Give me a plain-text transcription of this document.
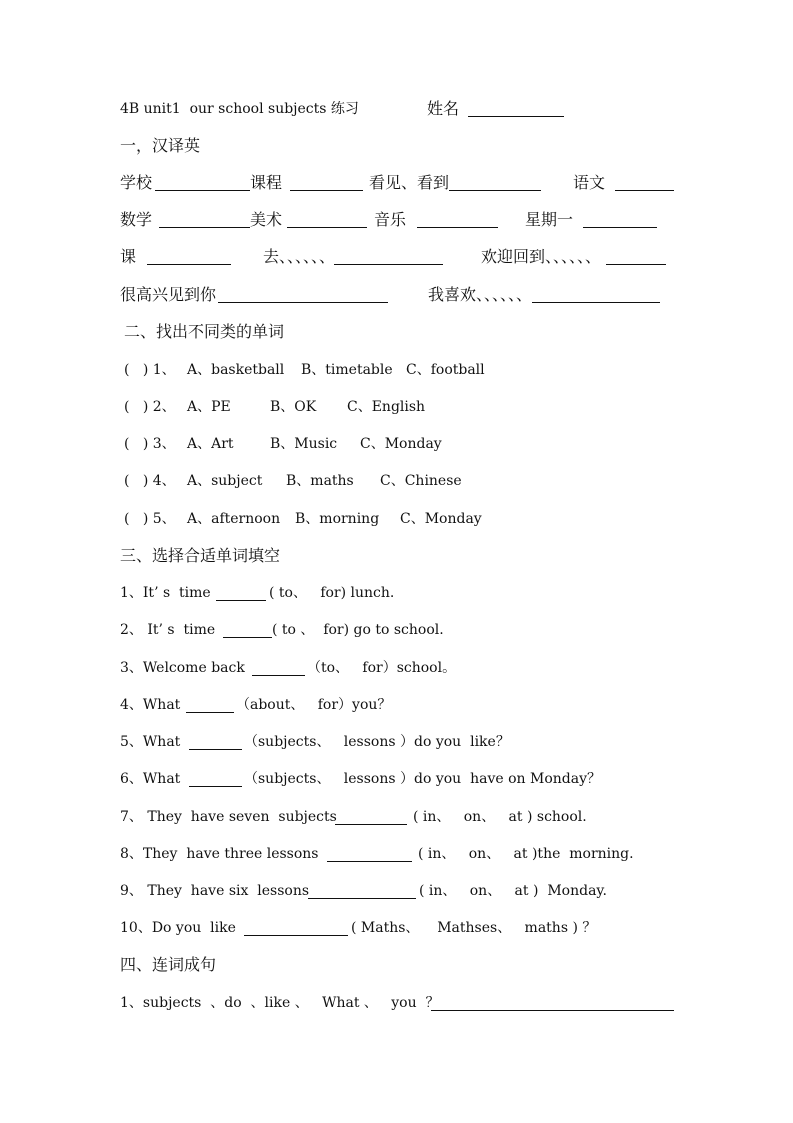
4B unit1  our school subjects 练习	姓名
一，汉译英
学校	课程	看见、看到	语文
数学	美术	音乐	星期一
课	去、、、、、、	欢迎回到、、、、、、
很高兴见到你	我喜欢、、、、、、
二、找出不同类的单词
(   ) 1、 A、basketball B、timetable C、football
(   ) 2、 A、PE	B、OK C、English
(   ) 3、 A、Art	B、Music C、Monday
(   ) 4、 A、subject B、maths C、Chinese
(   ) 5、 A、afternoon B、morning C、Monday
三、选择合适单词填空
1、It’ s  time	( to、   for) lunch.
2、 It’ s  time	( to 、  for) go to school.
3、Welcome back	（to、   for）school。
4、What	（about、   for）you？
5、What	（subjects、   lessons ）do you  like？
6、What	（subjects、   lessons ）do you  have on Monday？
7、 They  have seven  subjects	( in、   on、   at ) school.
8、They  have three lessons	( in、   on、   at )the  morning.
9、 They  have six  lessons	( in、   on、   at )  Monday.
10、Do you  like	( Maths、    Mathses、   maths ) ？
四、连词成句
1、subjects  、do  、like 、   What 、   you  ？
